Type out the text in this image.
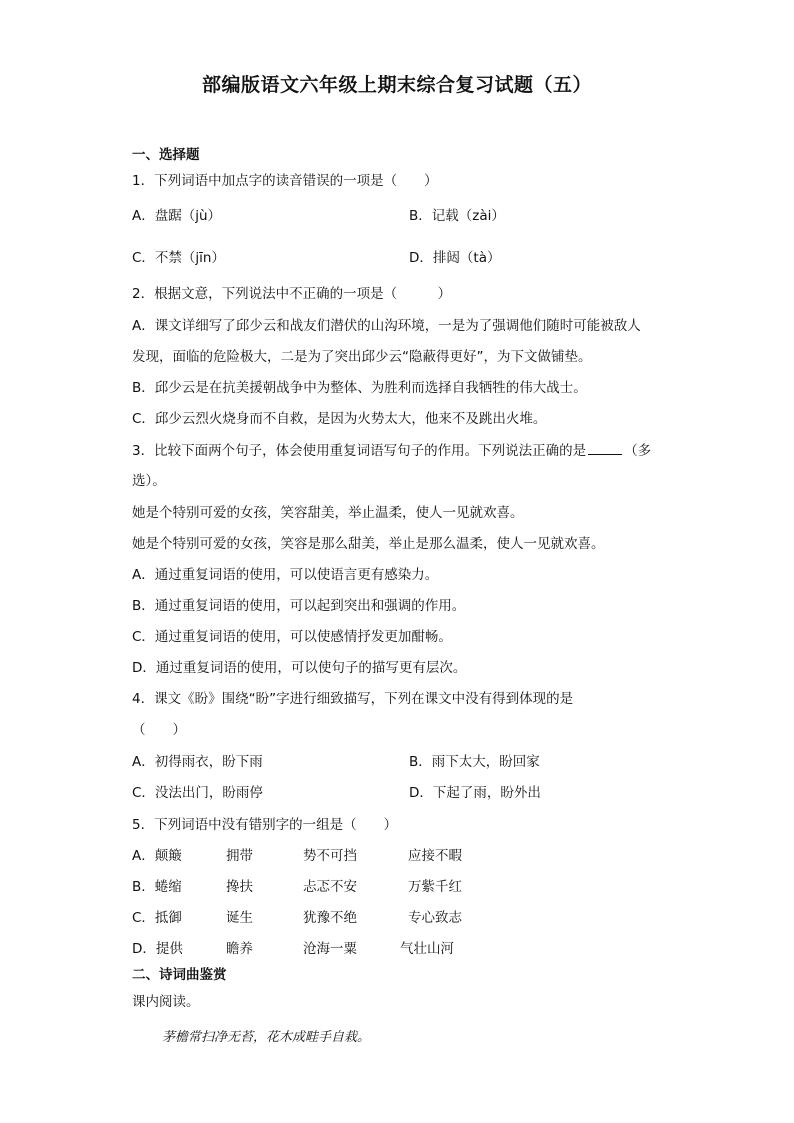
部编版语文六年级上期末综合复习试题（五）
一、选择题
1．下列词语中加点字的读音错误的一项是（　　）
A．盘踞（jù）	B．记载（zài）
C．不禁（jīn）	D．排闼（tà）
2．根据文意，下列说法中不正确的一项是（　　　）
A．课文详细写了邱少云和战友们潜伏的山沟环境，一是为了强调他们随时可能被敌人
发现，面临的危险极大，二是为了突出邱少云“隐蔽得更好”，为下文做铺垫。
B．邱少云是在抗美援朝战争中为整体、为胜利而选择自我牺牲的伟大战士。
C．邱少云烈火烧身而不自救，是因为火势太大，他来不及跳出火堆。
3．比较下面两个句子，体会使用重复词语写句子的作用。下列说法正确的是	（多
选）。
她是个特别可爱的女孩，笑容甜美，举止温柔，使人一见就欢喜。
她是个特别可爱的女孩，笑容是那么甜美，举止是那么温柔，使人一见就欢喜。
A．通过重复词语的使用，可以使语言更有感染力。
B．通过重复词语的使用，可以起到突出和强调的作用。
C．通过重复词语的使用，可以使感情抒发更加酣畅。
D．通过重复词语的使用，可以使句子的描写更有层次。
4．课文《盼》围绕“盼”字进行细致描写，下列在课文中没有得到体现的是
（　　）
A．初得雨衣，盼下雨	B．雨下太大，盼回家
C．没法出门，盼雨停	D．下起了雨，盼外出
5．下列词语中没有错别字的一组是（　　）
A．颠簸	拥带	势不可挡	应接不暇
B．蜷缩	搀扶	忐忑不安	万紫千红
C．抵御	诞生	犹豫不绝	专心致志
D．提供	瞻养	沧海一粟	气壮山河
二、诗词曲鉴赏
课内阅读。
茅檐常扫净无苔，花木成畦手自栽。
